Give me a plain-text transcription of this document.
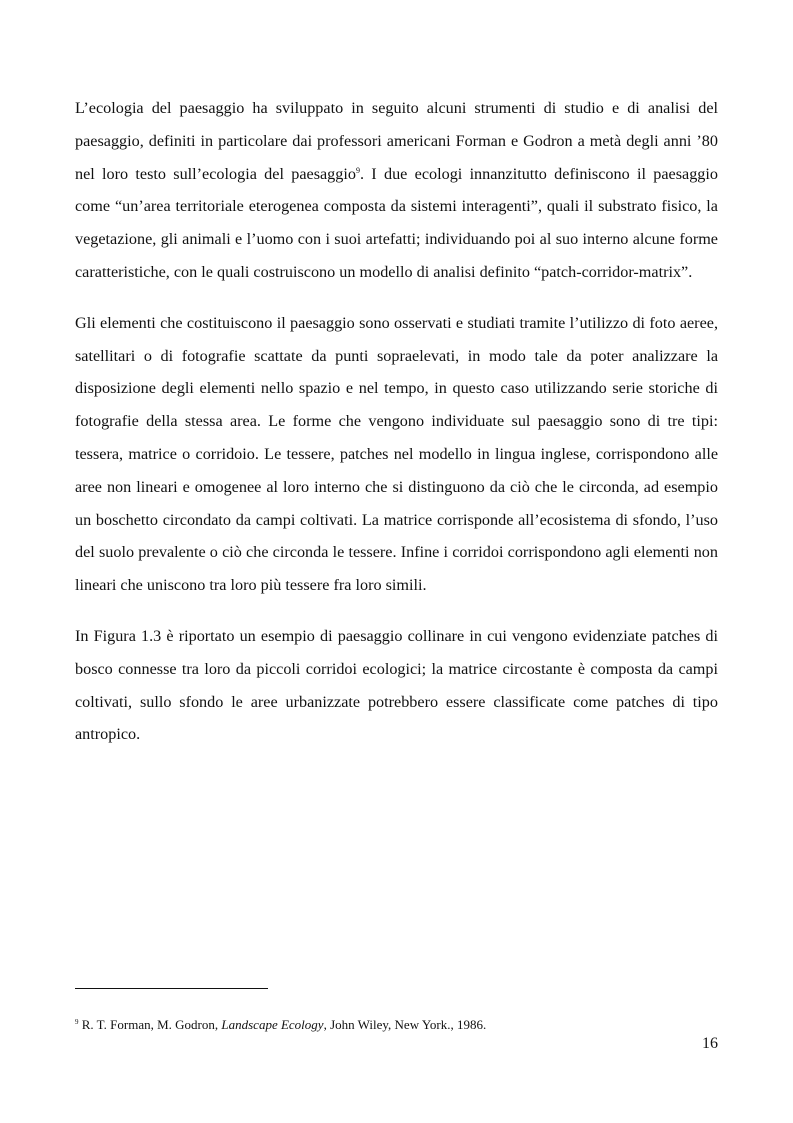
L’ecologia del paesaggio ha sviluppato in seguito alcuni strumenti di studio e di analisi del paesaggio, definiti in particolare dai professori americani Forman e Godron a metà degli anni ’80 nel loro testo sull’ecologia del paesaggio$^9$. I due ecologi innanzitutto definiscono il paesaggio come “un’area territoriale eterogenea composta da sistemi interagenti”, quali il substrato fisico, la vegetazione, gli animali e l’uomo con i suoi artefatti; individuando poi al suo interno alcune forme caratteristiche, con le quali costruiscono un modello di analisi definito “patch-corridor-matrix”.

Gli elementi che costituiscono il paesaggio sono osservati e studiati tramite l’utilizzo di foto aeree, satellitari o di fotografie scattate da punti sopraelevati, in modo tale da poter analizzare la disposizione degli elementi nello spazio e nel tempo, in questo caso utilizzando serie storiche di fotografie della stessa area. Le forme che vengono individuate sul paesaggio sono di tre tipi: tessera, matrice o corridoio. Le tessere, patches nel modello in lingua inglese, corrispondono alle aree non lineari e omogenee al loro interno che si distinguono da ciò che le circonda, ad esempio un boschetto circondato da campi coltivati. La matrice corrisponde all’ecosistema di sfondo, l’uso del suolo prevalente o ciò che circonda le tessere. Infine i corridoi corrispondono agli elementi non lineari che uniscono tra loro più tessere fra loro simili.

In Figura 1.3 è riportato un esempio di paesaggio collinare in cui vengono evidenziate patches di bosco connesse tra loro da piccoli corridoi ecologici; la matrice circostante è composta da campi coltivati, sullo sfondo le aree urbanizzate potrebbero essere classificate come patches di tipo antropico.

$^9$ R. T. Forman, M. Godron, Landscape Ecology, John Wiley, New York., 1986.
16
